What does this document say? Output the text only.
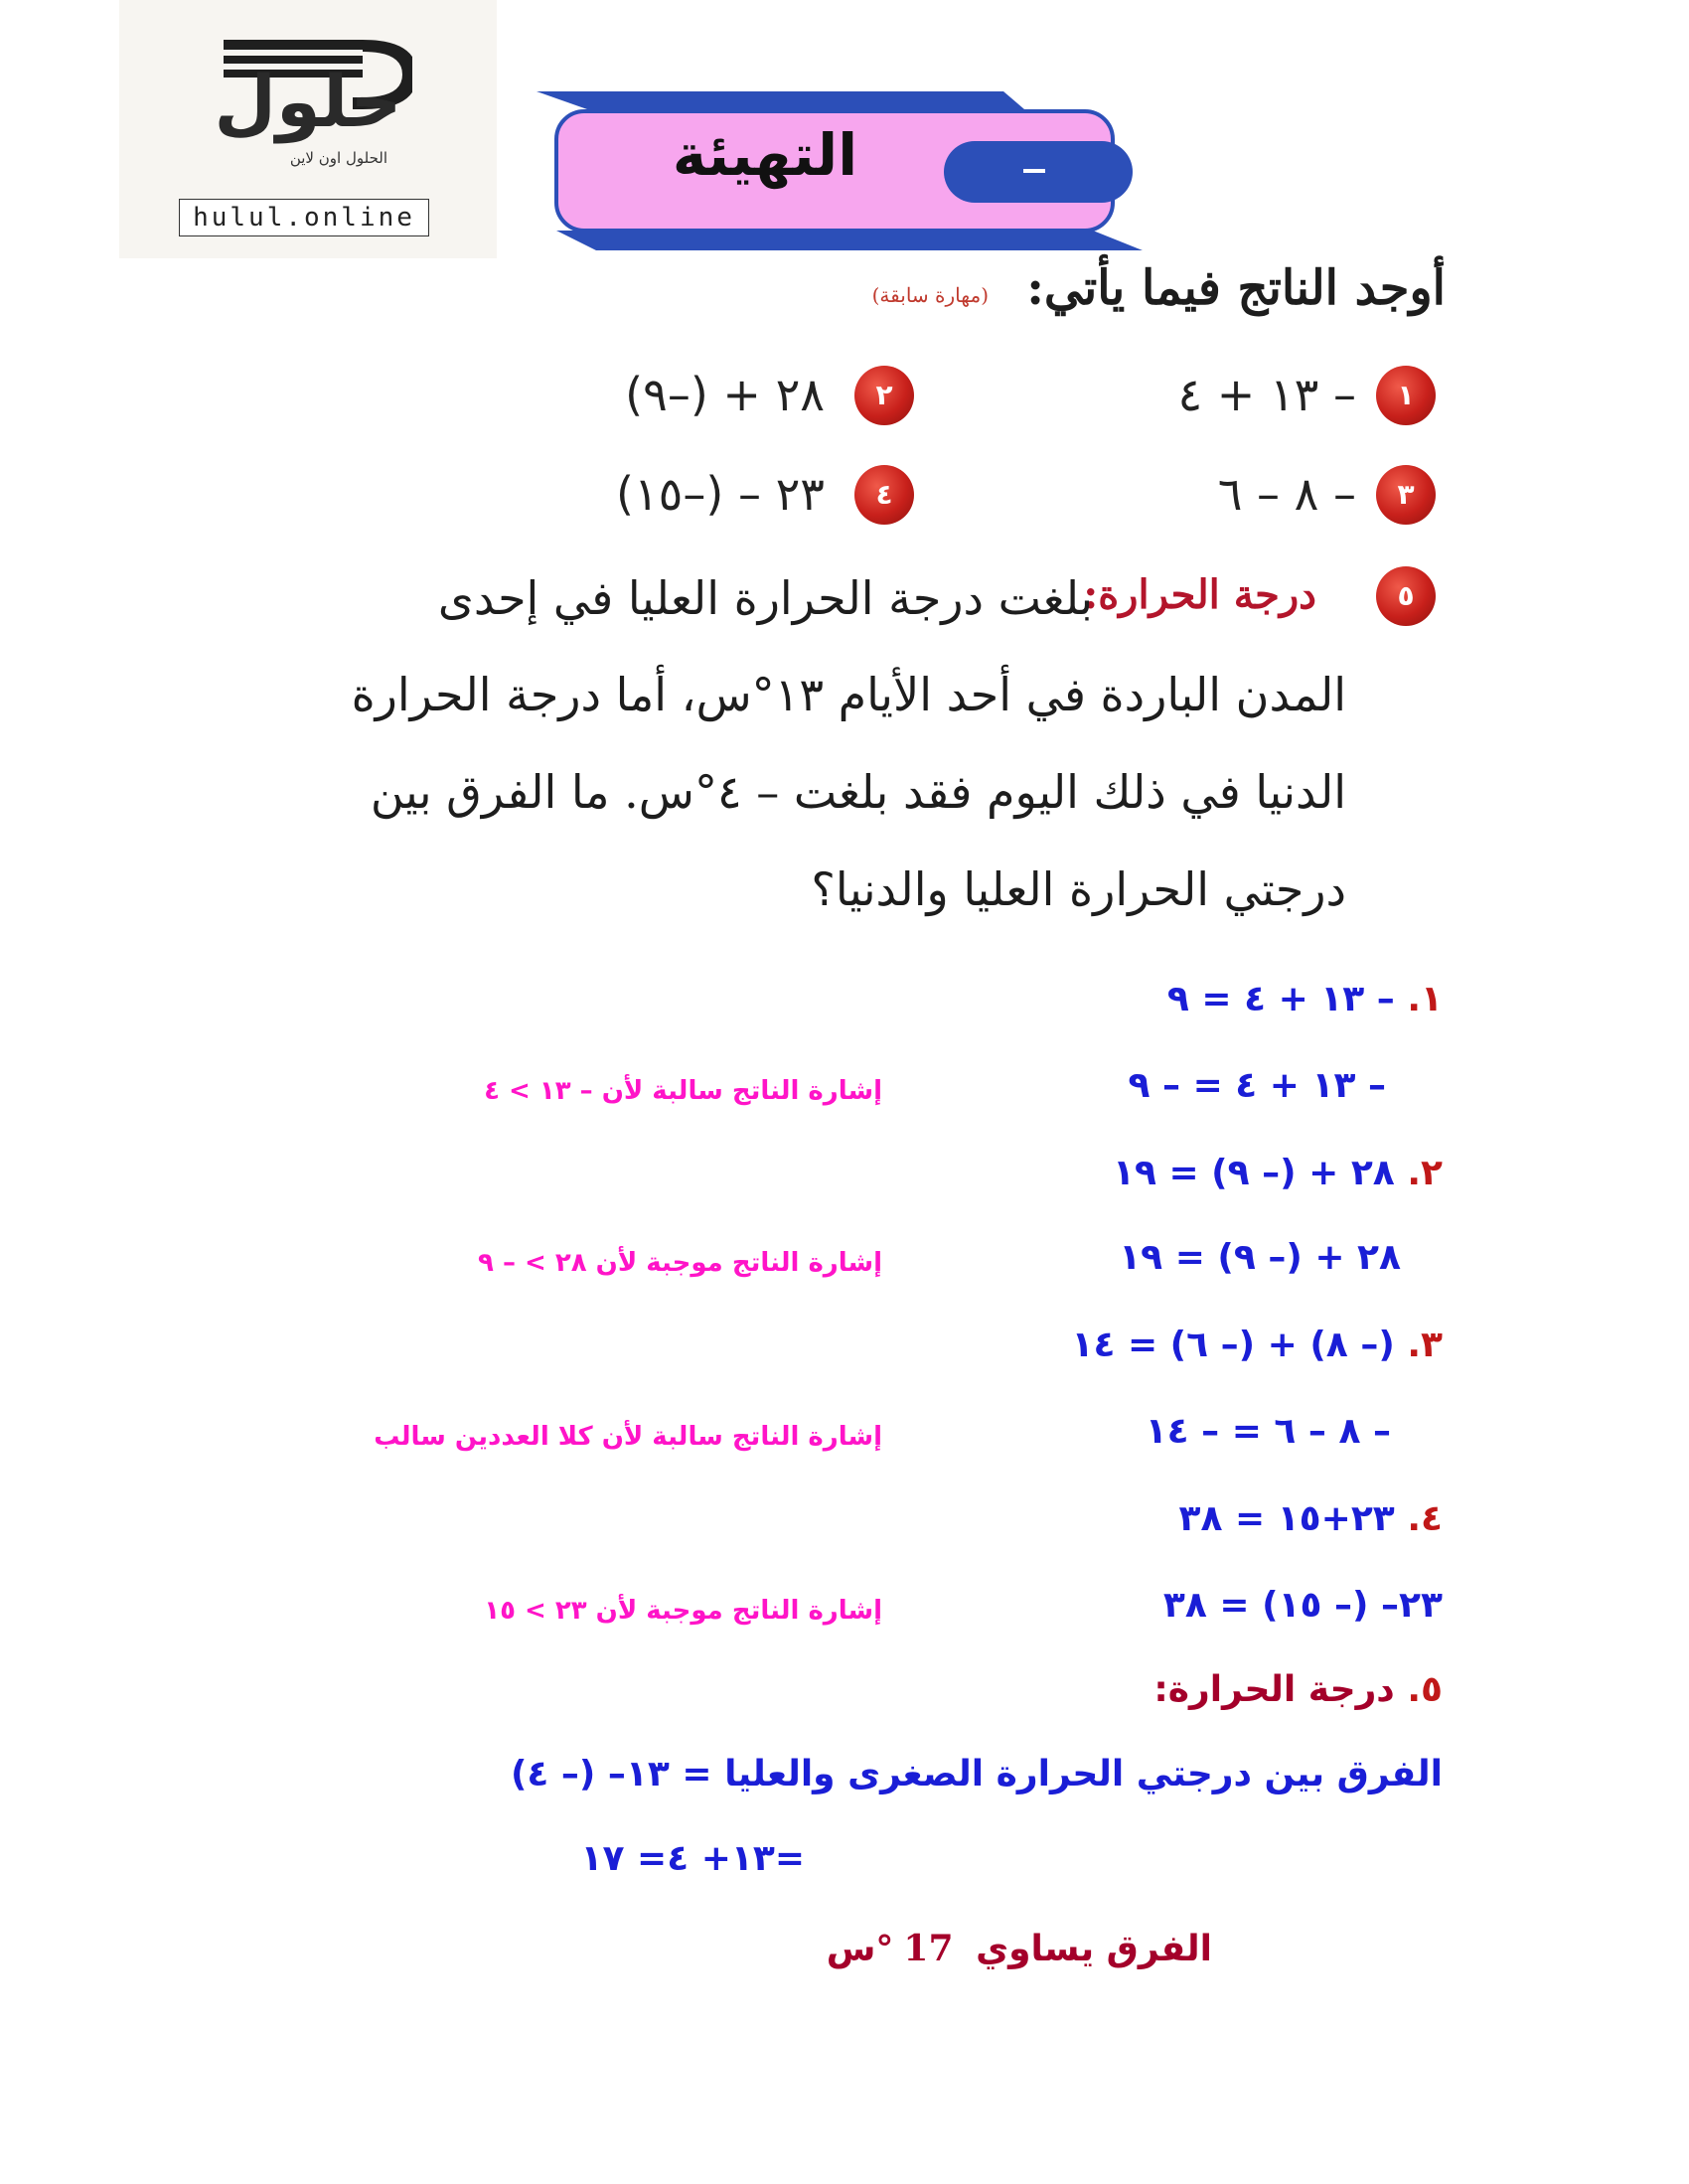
حلول
الحلول اون لاين
hulul.online
التهيئة
أوجد الناتج فيما يأتي:
(مهارة سابقة)
١
– ١٣ + ٤
٢
٢٨ + (–٩)
٣
– ٨ – ٦
٤
٢٣ – (–١٥)
٥
درجة الحرارة:
بلغت درجة الحرارة العليا في إحدى
المدن الباردة في أحد الأيام ١٣°س، أما درجة الحرارة
الدنيا في ذلك اليوم فقد بلغت – ٤°س. ما الفرق بين
درجتي الحرارة العليا والدنيا؟
١. – ١٣ + ٤ = ٩
– ١٣ + ٤ = – ٩
إشارة الناتج سالبة لأن – ١٣ > ٤
٢. ٢٨ + (– ٩) = ١٩
٢٨ + (– ٩) = ١٩
إشارة الناتج موجبة لأن ٢٨ > – ٩
٣. (– ٨) + (– ٦) = ١٤
– ٨ – ٦ = – ١٤
إشارة الناتج سالبة لأن كلا العددين سالب
٤. ٢٣+١٥ = ٣٨
٢٣– (– ١٥) = ٣٨
إشارة الناتج موجبة لأن ٢٣ > ١٥
٥. درجة الحرارة:
الفرق بين درجتي الحرارة الصغرى والعليا = ١٣– (– ٤)
=١٣+ ٤= ١٧
الفرق يساوي 17°س
